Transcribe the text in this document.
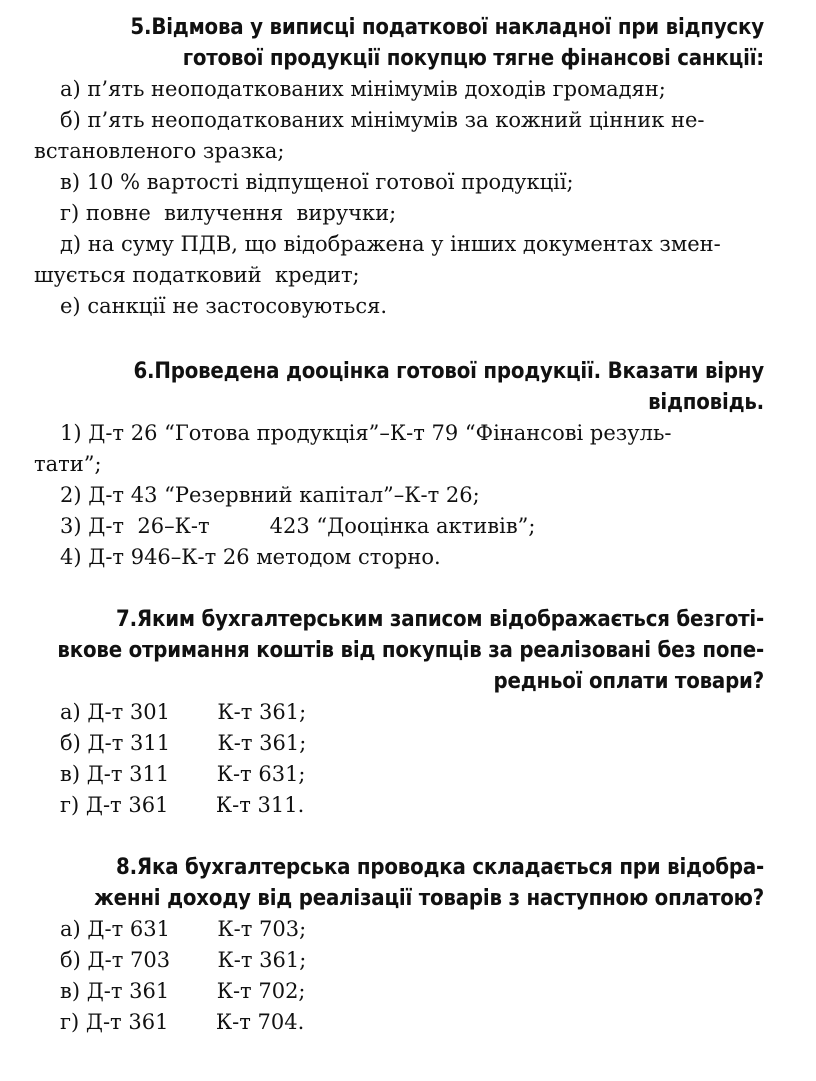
5.Відмова у виписці податкової накладної при відпуску
готової продукції покупцю тягне фінансові санкції:
а) п’ять неоподаткованих мінімумів доходів громадян;
б) п’ять неоподаткованих мінімумів за кожний цінник не-
встановленого зразка;
в) 10 % вартості відпущеної готової продукції;
г) повне  вилучення  виручки;
д) на суму ПДВ, що відображена у інших документах змен-
шується податковий  кредит;
е) санкції не застосовуються.
6.Проведена дооцінка готової продукції. Вказати вірну
відповідь.
1) Д-т 26 “Готова продукція”–К-т 79 “Фінансові резуль-
тати”;
2) Д-т 43 “Резервний капітал”–К-т 26;
3) Д-т  26–К-т         423 “Дооцінка активів”;
4) Д-т 946–К-т 26 методом сторно.
7.Яким бухгалтерським записом відображається безготі-
вкове отримання коштів від покупців за реалізовані без попе-
редньої оплати товари?
а) Д-т 301 К-т 361;
б) Д-т 311 К-т 361;
в) Д-т 311 К-т 631;
г) Д-т 361 К-т 311.
8.Яка бухгалтерська проводка складається при відобра-
женні доходу від реалізації товарів з наступною оплатою?
а) Д-т 631 К-т 703;
б) Д-т 703 К-т 361;
в) Д-т 361 К-т 702;
г) Д-т 361 К-т 704.
